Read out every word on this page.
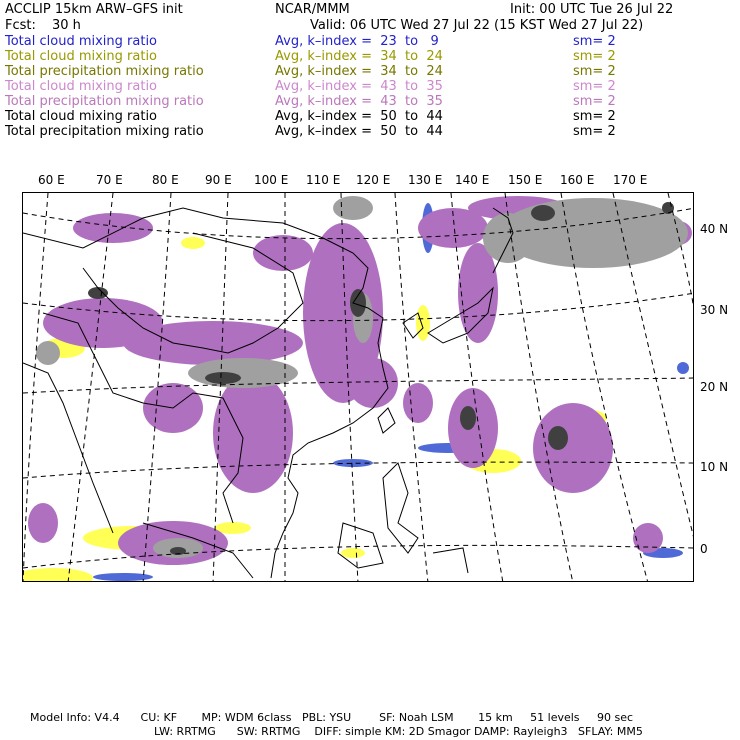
ACCLIP 15km ARW–GFS init	NCAR/MMM	Init: 00 UTC Tue 26 Jul 22
Fcst: 30 h	Valid: 06 UTC Wed 27 Jul 22 (15 KST Wed 27 Jul 22)
Total cloud mixing ratio	Avg, k–index =  23  to   9	sm= 2
Total cloud mixing ratio	Avg, k–index =  34  to  24	sm= 2
Total precipitation mixing ratio	Avg, k–index =  34  to  24	sm= 2
Total cloud mixing ratio	Avg, k–index =  43  to  35	sm= 2
Total precipitation mixing ratio	Avg, k–index =  43  to  35	sm= 2
Total cloud mixing ratio	Avg, k–index =  50  to  44	sm= 2
Total precipitation mixing ratio	Avg, k–index =  50  to  44	sm= 2
60 E	70 E 80 E 90 E 100 E 110 E 120 E 130 E 140 E 150 E 160 E 170 E
40 N
30 N
20 N
10 N
0
Model Info: V4.4      CU: KF       MP: WDM 6class   PBL: YSU        SF: Noah LSM       15 km     51 levels     90 sec
LW: RRTMG      SW: RRTMG    DIFF: simple KM: 2D Smagor DAMP: Rayleigh3   SFLAY: MM5
